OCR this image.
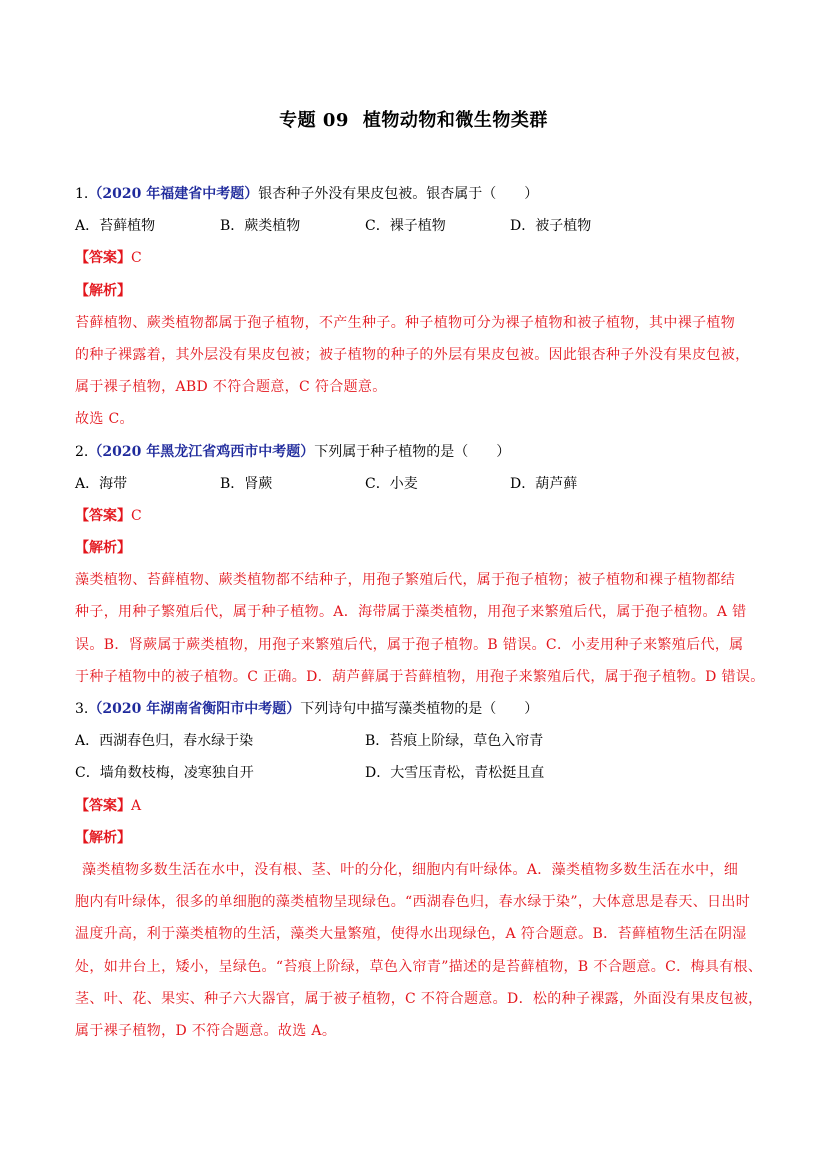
专题 09 植物动物和微生物类群
1.（2020 年福建省中考题）银杏种子外没有果皮包被。银杏属于（　　）
A．苔藓植物	B．蕨类植物	C．裸子植物	D．被子植物
【答案】C
【解析】
苔藓植物、蕨类植物都属于孢子植物，不产生种子。种子植物可分为裸子植物和被子植物，其中裸子植物
的种子裸露着，其外层没有果皮包被；被子植物的种子的外层有果皮包被。因此银杏种子外没有果皮包被，
属于裸子植物，ABD 不符合题意，C 符合题意。
故选 C。
2.（2020 年黑龙江省鸡西市中考题）下列属于种子植物的是（　　）
A．海带	B．肾蕨	C．小麦	D．葫芦藓
【答案】C
【解析】
藻类植物、苔藓植物、蕨类植物都不结种子，用孢子繁殖后代，属于孢子植物；被子植物和裸子植物都结
种子，用种子繁殖后代，属于种子植物。A．海带属于藻类植物，用孢子来繁殖后代，属于孢子植物。A 错
误。B．肾蕨属于蕨类植物，用孢子来繁殖后代，属于孢子植物。B 错误。C．小麦用种子来繁殖后代，属
于种子植物中的被子植物。C 正确。D．葫芦藓属于苔藓植物，用孢子来繁殖后代，属于孢子植物。D 错误。
3.（2020 年湖南省衡阳市中考题）下列诗句中描写藻类植物的是（　　）
A．西湖春色归，春水绿于染	B．苔痕上阶绿，草色入帘青
C．墙角数枝梅，凌寒独自开	D．大雪压青松，青松挺且直
【答案】A
【解析】
藻类植物多数生活在水中，没有根、茎、叶的分化，细胞内有叶绿体。A．藻类植物多数生活在水中，细
胞内有叶绿体，很多的单细胞的藻类植物呈现绿色。“西湖春色归，春水绿于染”，大体意思是春天、日出时
温度升高，利于藻类植物的生活，藻类大量繁殖，使得水出现绿色，A 符合题意。B．苔藓植物生活在阴湿
处，如井台上，矮小，呈绿色。“苔痕上阶绿，草色入帘青”描述的是苔藓植物，B 不合题意。C．梅具有根、
茎、叶、花、果实、种子六大器官，属于被子植物，C 不符合题意。D．松的种子裸露，外面没有果皮包被，
属于裸子植物，D 不符合题意。故选 A。
